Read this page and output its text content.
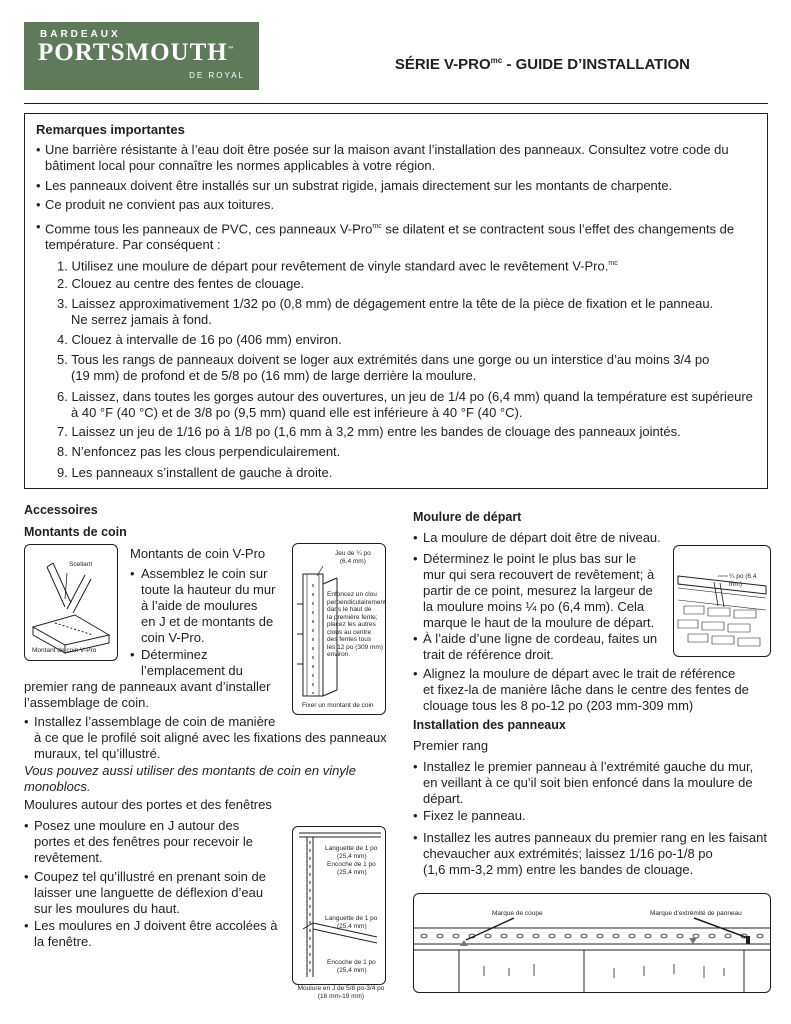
BARDEAUX
PORTSMOUTH™
DE ROYAL
SÉRIE $V-PRO^{mc}$ - GUIDE D’INSTALLATION
Remarques importantes
• Une barrière résistante à l’eau doit être posée sur la maison avant l’installation des panneaux. Consultez votre code du
bâtiment local pour connaître les normes applicables à votre région.
• Les panneaux doivent être installés sur un substrat rigide, jamais directement sur les montants de charpente.
• Ce produit ne convient pas aux toitures.
• Comme tous les panneaux de PVC, ces panneaux V-Pro$^{mc}$ se dilatent et se contractent sous l’effet des changements de
température. Par conséquent :
1. Utilisez une moulure de départ pour revêtement de vinyle standard avec le revêtement V-Pro.$^{mc}$
2. Clouez au centre des fentes de clouage.
3. Laissez approximativement 1/32 po (0,8 mm) de dégagement entre la tête de la pièce de fixation et le panneau.
Ne serrez jamais à fond.
4. Clouez à intervalle de 16 po (406 mm) environ.
5. Tous les rangs de panneaux doivent se loger aux extrémités dans une gorge ou un interstice d’au moins 3/4 po
(19 mm) de profond et de 5/8 po (16 mm) de large derrière la moulure.
6. Laissez, dans toutes les gorges autour des ouvertures, un jeu de 1/4 po (6,4 mm) quand la température est supérieure
à 40 °F (40 °C) et de 3/8 po (9,5 mm) quand elle est inférieure à 40 °F (40 °C).
7. Laissez un jeu de 1/16 po à 1/8 po (1,6 mm à 3,2 mm) entre les bandes de clouage des panneaux jointés.
8. N’enfoncez pas les clous perpendiculairement.
9. Les panneaux s’installent de gauche à droite.
Accessoires
Montants de coin
Scellant
Montant de coin V-Pro
Montants de coin V-Pro
• Assemblez le coin sur
toute la hauteur du mur
à l’aide de moulures
en J et de montants de
coin V-Pro.
• Déterminez
l’emplacement du
premier rang de panneaux avant d’installer
l’assemblage de coin.
Jeu de ¼ po
(6,4 mm)
Enfoncez un clou
perpendiculairement
dans le haut de
la première fente;
placez les autres
clous au centre
des fentes tous
les 12 po (309 mm)
environ.
Fixer un montant de coin
• Installez l’assemblage de coin de manière
à ce que le profilé soit aligné avec les fixations des panneaux
muraux, tel qu’illustré.
Vous pouvez aussi utiliser des montants de coin en vinyle
monoblocs.
Moulures autour des portes et des fenêtres
• Posez une moulure en J autour des
portes et des fenêtres pour recevoir le
revêtement.
• Coupez tel qu’illustré en prenant soin de
laisser une languette de déflexion d’eau
sur les moulures du haut.
• Les moulures en J doivent être accolées à
la fenêtre.
Languette de 1 po
(25,4 mm)
Encoche de 1 po
(25,4 mm)
Languette de 1 po
(25,4 mm)
Encoche de 1 po
(25,4 mm)
Moulure en J de 5/8 po-3/4 po
(16 mm-19 mm)
Moulure de départ
• La moulure de départ doit être de niveau.
• Déterminez le point le plus bas sur le
mur qui sera recouvert de revêtement; à
partir de ce point, mesurez la largeur de
la moulure moins ¼ po (6,4 mm). Cela
marque le haut de la moulure de départ.
• À l’aide d’une ligne de cordeau, faites un
trait de référence droit.
¼ po (6,4 mm)
• Alignez la moulure de départ avec le trait de référence
et fixez-la de manière lâche dans le centre des fentes de
clouage tous les 8 po-12 po (203 mm-309 mm)
Installation des panneaux
Premier rang
• Installez le premier panneau à l’extrémité gauche du mur,
en veillant à ce qu’il soit bien enfoncé dans la moulure de
départ.
• Fixez le panneau.
• Installez les autres panneaux du premier rang en les faisant
chevaucher aux extrémités; laissez 1/16 po-1/8 po
(1,6 mm-3,2 mm) entre les bandes de clouage.
Marque de coupe	Marque d’extrémité de panneau
